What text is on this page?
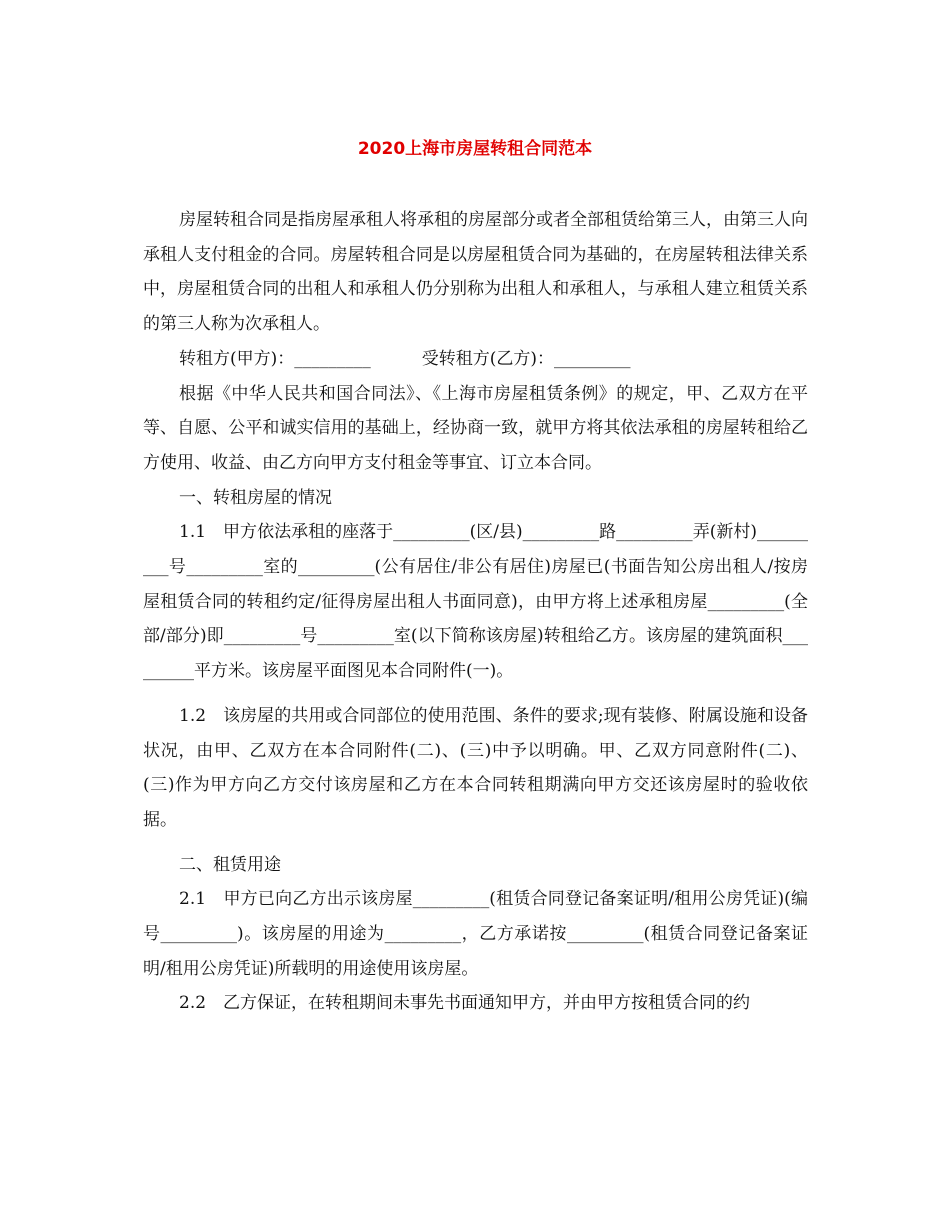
2020上海市房屋转租合同范本

房屋转租合同是指房屋承租人将承租的房屋部分或者全部租赁给第三人，由第三人向承租人支付租金的合同。房屋转租合同是以房屋租赁合同为基础的，在房屋转租法律关系中，房屋租赁合同的出租人和承租人仍分别称为出租人和承租人，与承租人建立租赁关系的第三人称为次承租人。

转租方(甲方)：_________　　　受转租方(乙方)：_________

根据《中华人民共和国合同法》、《上海市房屋租赁条例》的规定，甲、乙双方在平等、自愿、公平和诚实信用的基础上，经协商一致，就甲方将其依法承租的房屋转租给乙方使用、收益、由乙方向甲方支付租金等事宜、订立本合同。

一、转租房屋的情况

1.1　甲方依法承租的座落于_________(区/县)_________路_________弄(新村)_________号_________室的_________(公有居住/非公有居住)房屋已(书面告知公房出租人/按房屋租赁合同的转租约定/征得房屋出租人书面同意)，由甲方将上述承租房屋_________(全部/部分)即_________号_________室(以下简称该房屋)转租给乙方。该房屋的建筑面积_________平方米。该房屋平面图见本合同附件(一)。

1.2　该房屋的共用或合同部位的使用范围、条件的要求;现有装修、附属设施和设备状况，由甲、乙双方在本合同附件(二)、(三)中予以明确。甲、乙双方同意附件(二)、(三)作为甲方向乙方交付该房屋和乙方在本合同转租期满向甲方交还该房屋时的验收依据。

二、租赁用途

2.1　甲方已向乙方出示该房屋_________(租赁合同登记备案证明/租用公房凭证)(编号_________)。该房屋的用途为_________，乙方承诺按_________(租赁合同登记备案证明/租用公房凭证)所载明的用途使用该房屋。

2.2　乙方保证，在转租期间未事先书面通知甲方，并由甲方按租赁合同的约
